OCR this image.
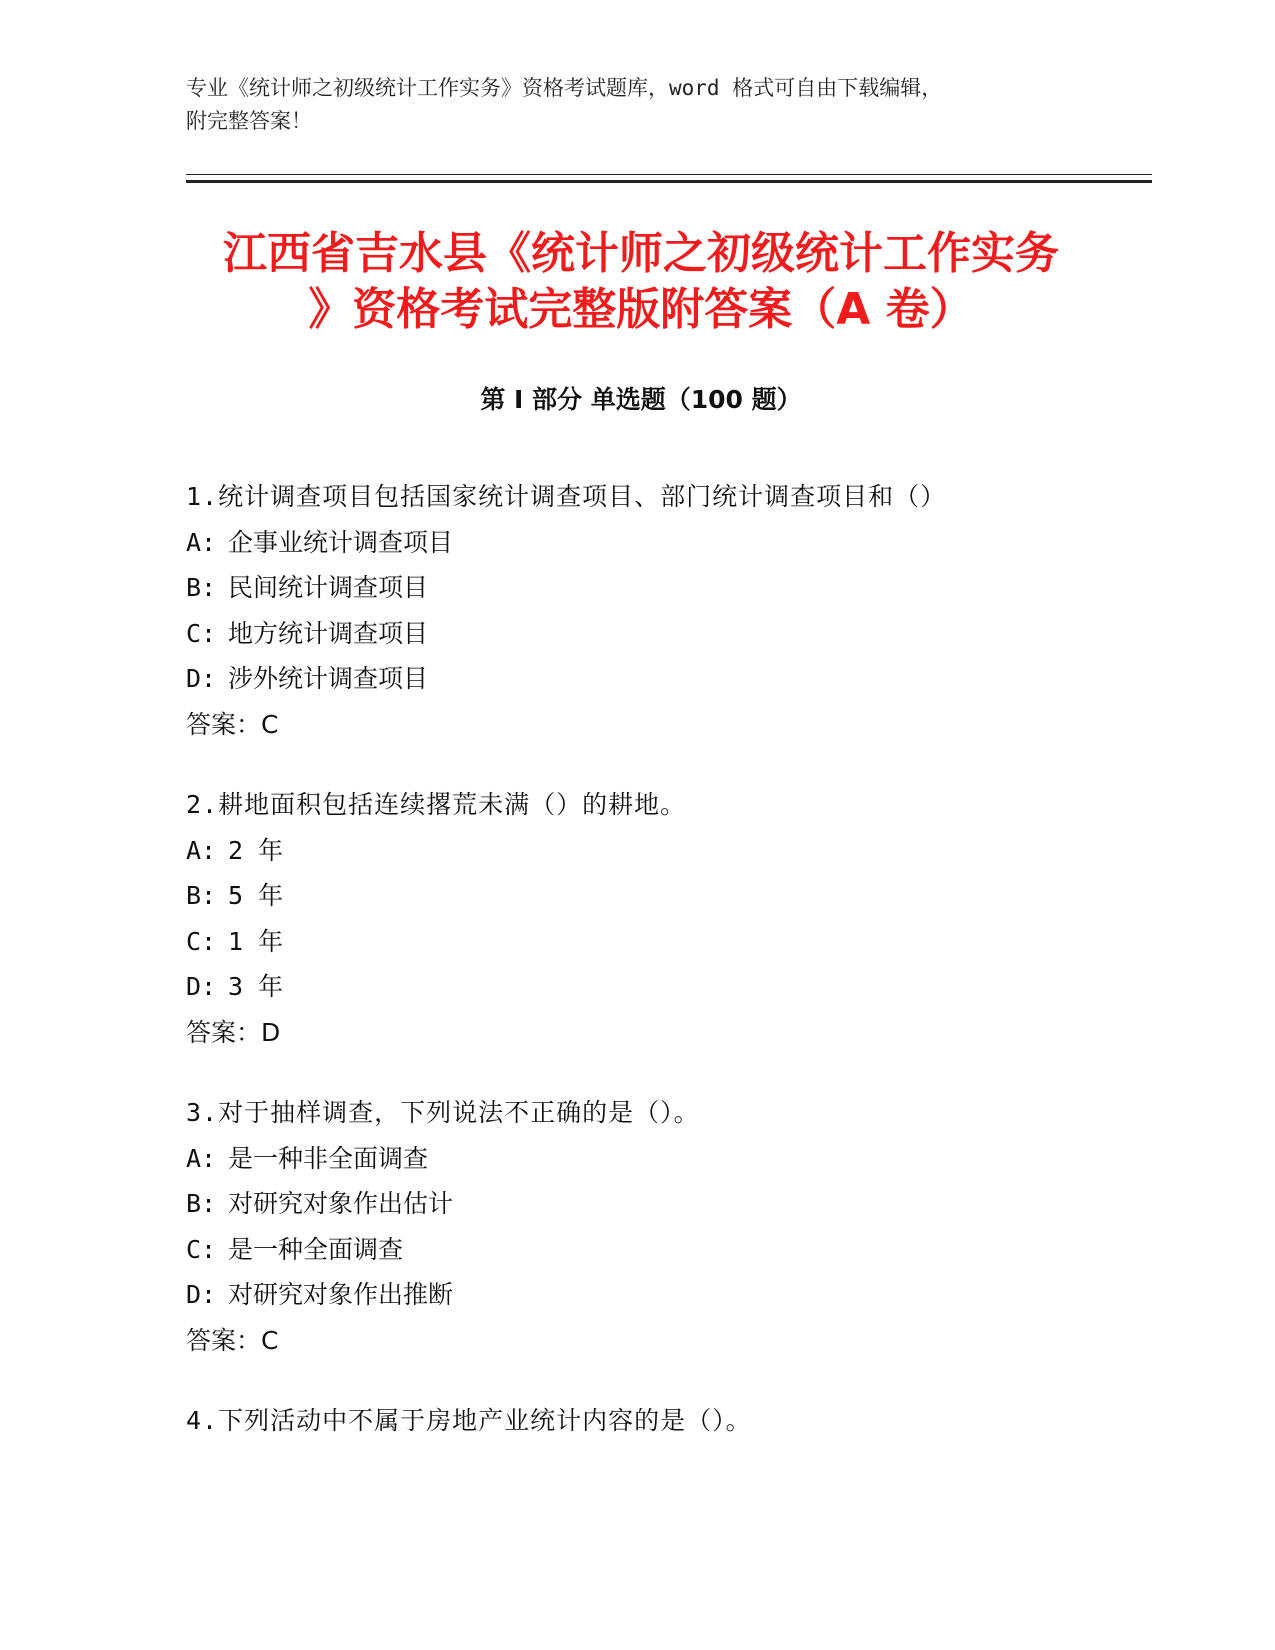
专业《统计师之初级统计工作实务》资格考试题库，word 格式可自由下载编辑，
附完整答案！
江西省吉水县《统计师之初级统计工作实务
》资格考试完整版附答案（A 卷）
第 I 部分 单选题（100 题）
1.统计调查项目包括国家统计调查项目、部门统计调查项目和（）
A: 企事业统计调查项目
B: 民间统计调查项目
C: 地方统计调查项目
D: 涉外统计调查项目
答案：C
2.耕地面积包括连续撂荒未满（）的耕地。
A: 2 年
B: 5 年
C: 1 年
D: 3 年
答案：D
3.对于抽样调查，下列说法不正确的是（）。
A: 是一种非全面调查
B: 对研究对象作出估计
C: 是一种全面调查
D: 对研究对象作出推断
答案：C
4.下列活动中不属于房地产业统计内容的是（）。
